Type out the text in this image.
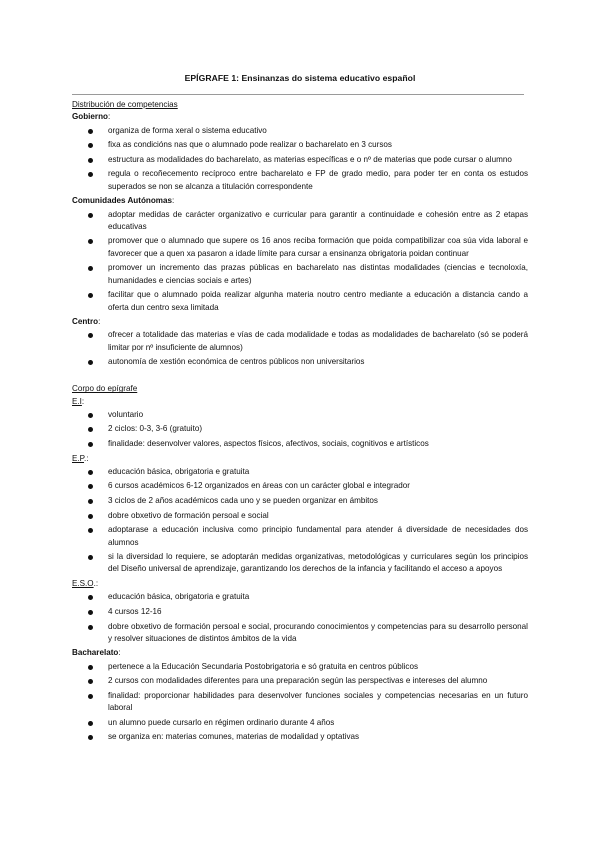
EPÍGRAFE 1: Ensinanzas do sistema educativo español

Distribución de competencias

Gobierno:

organiza de forma xeral o sistema educativo
fixa as condicións nas que o alumnado pode realizar o bacharelato en 3 cursos
estructura as modalidades do bacharelato, as materias específicas e o nº de materias que pode cursar o alumno
regula o recoñecemento recíproco entre bacharelato e FP de grado medio, para poder ter en conta os estudos superados se non se alcanza a titulación correspondente

Comunidades Autónomas:

adoptar medidas de carácter organizativo e curricular para garantir a continuidade e cohesión entre as 2 etapas educativas
promover que o alumnado que supere os 16 anos reciba formación que poida compatibilizar coa súa vida laboral e favorecer que a quen xa pasaron a idade límite para cursar a ensinanza obrigatoria poidan continuar
promover un incremento das prazas públicas en bacharelato nas distintas modalidades (ciencias e tecnoloxía, humanidades e ciencias sociais e artes)
facilitar que o alumnado poida realizar algunha materia noutro centro mediante a educación a distancia cando a oferta dun centro sexa limitada

Centro:

ofrecer a totalidade das materias e vías de cada modalidade e todas as modalidades de bacharelato (só se poderá limitar por nº insuficiente de alumnos)
autonomía de xestión económica de centros públicos non universitarios

Corpo do epígrafe

E.I:

voluntario
2 ciclos: 0-3, 3-6 (gratuito)
finalidade: desenvolver valores, aspectos físicos, afectivos, sociais, cognitivos e artísticos

E.P.:

educación básica, obrigatoria e gratuita
6 cursos académicos 6-12 organizados en áreas con un carácter global e integrador
3 ciclos de 2 años académicos cada uno y se pueden organizar en ámbitos
dobre obxetivo de formación persoal e social
adoptarase a educación inclusiva como principio fundamental para atender á diversidade de necesidades dos alumnos
si la diversidad lo requiere, se adoptarán medidas organizativas, metodológicas y curriculares según los principios del Diseño universal de aprendizaje, garantizando los derechos de la infancia y facilitando el acceso a apoyos

E.S.O.:

educación básica, obrigatoria e gratuita
4 cursos 12-16
dobre obxetivo de formación persoal e social, procurando conocimientos y competencias para su desarrollo personal y resolver situaciones de distintos ámbitos de la vida

Bacharelato:

pertenece a la Educación Secundaria Postobrigatoria e só gratuita en centros públicos
2 cursos con modalidades diferentes para una preparación según las perspectivas e intereses del alumno
finalidad: proporcionar habilidades para desenvolver funciones sociales y competencias necesarias en un futuro laboral
un alumno puede cursarlo en régimen ordinario durante 4 años
se organiza en: materias comunes, materias de modalidad y optativas
